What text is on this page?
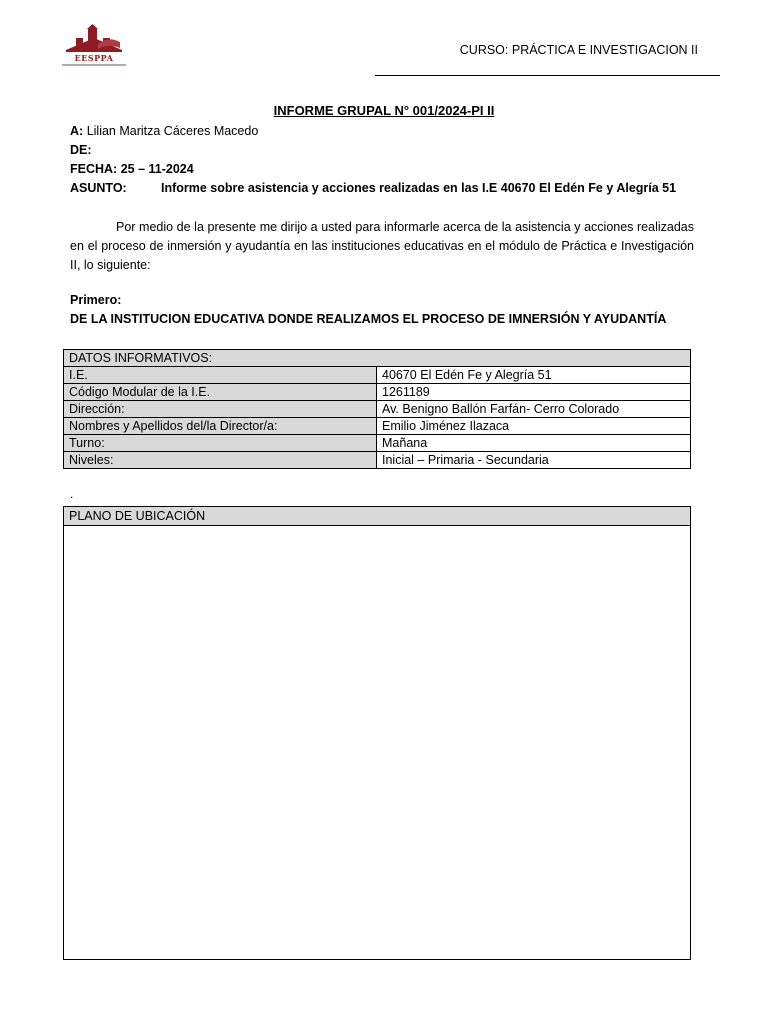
EESPPA
CURSO: PRÁCTICA E INVESTIGACION II
INFORME GRUPAL N° 001/2024-PI II
A: Lilian Maritza Cáceres Macedo
DE:
FECHA: 25 – 11-2024
ASUNTO:	Informe sobre asistencia y acciones realizadas en las I.E 40670 El Edén Fe y Alegría 51
Por medio de la presente me dirijo a usted para informarle acerca de la asistencia y acciones realizadas en el proceso de inmersión y ayudantía en las instituciones educativas en el módulo de Práctica e Investigación II, lo siguiente:
Primero:
DE LA INSTITUCION EDUCATIVA DONDE REALIZAMOS EL PROCESO DE IMNERSIÓN Y AYUDANTÍA
DATOS INFORMATIVOS:	
I.E.	40670 El Edén Fe y Alegría 51
Código Modular de la I.E.	1261189
Dirección:	Av. Benigno Ballón Farfán- Cerro Colorado
Nombres y Apellidos del/la Director/a:	Emilio Jiménez Ilazaca
Turno:	Mañana
Niveles:	Inicial – Primaria - Secundaria
.
PLANO DE UBICACIÓN
